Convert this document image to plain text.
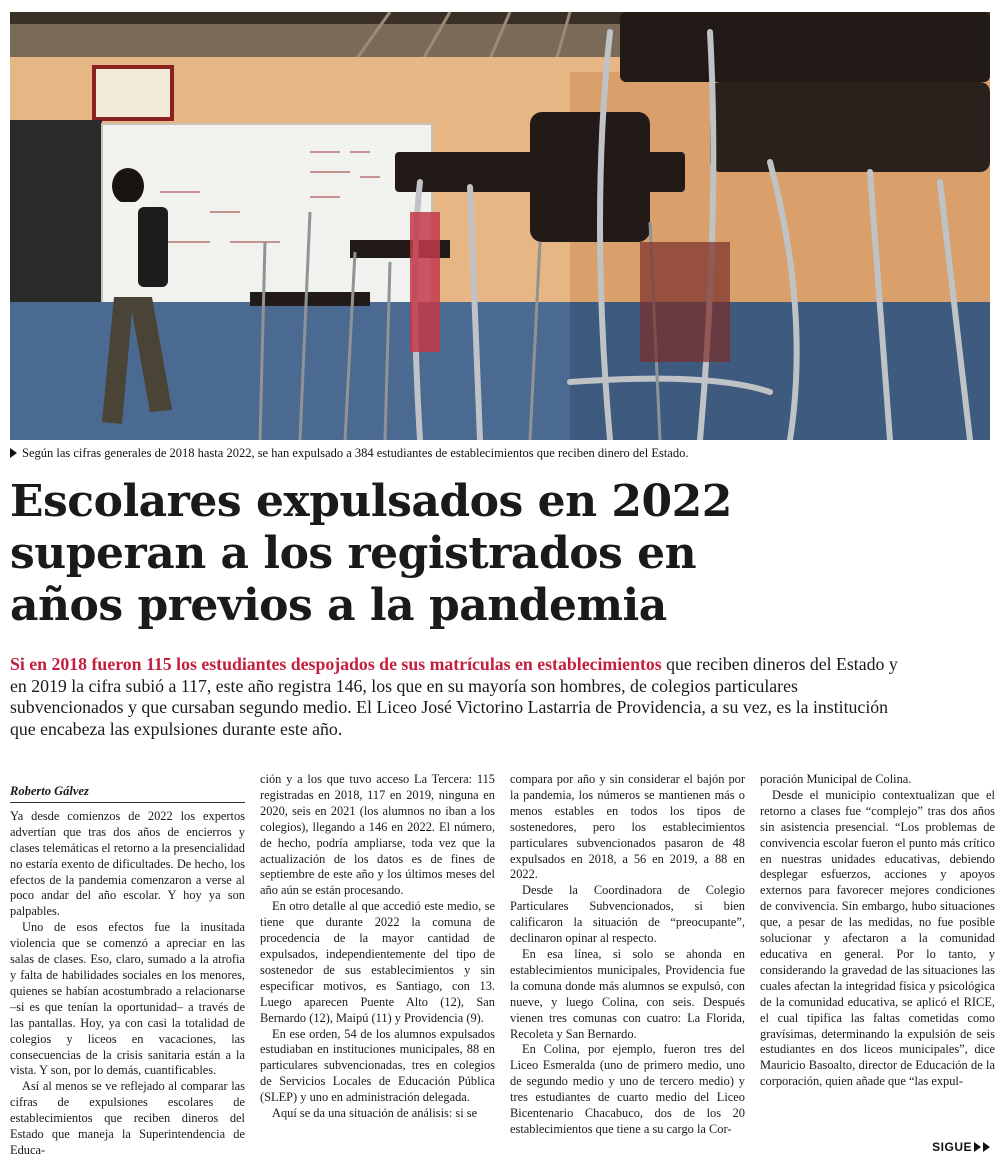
Según las cifras generales de 2018 hasta 2022, se han expulsado a 384 estudiantes de establecimientos que reciben dinero del Estado.
Escolares expulsados en 2022
superan a los registrados en
años previos a la pandemia
Si en 2018 fueron 115 los estudiantes despojados de sus matrículas en establecimientos que reciben dineros del Estado y en 2019 la cifra subió a 117, este año registra 146, los que en su mayoría son hombres, de colegios particulares subvencionados y que cursaban segundo medio. El Liceo José Victorino Lastarria de Providencia, a su vez, es la institución que encabeza las expulsiones durante este año.
Roberto Gálvez

Ya desde comienzos de 2022 los expertos advertían que tras dos años de encierros y clases telemáticas el retorno a la presencialidad no estaría exento de dificultades. De hecho, los efectos de la pandemia comenzaron a verse al poco andar del año escolar. Y hoy ya son palpables.

Uno de esos efectos fue la inusitada violencia que se comenzó a apreciar en las salas de clases. Eso, claro, sumado a la atrofia y falta de habilidades sociales en los menores, quienes se habían acostumbrado a relacionarse –si es que tenían la oportunidad– a través de las pantallas. Hoy, ya con casi la totalidad de colegios y liceos en vacaciones, las consecuencias de la crisis sanitaria están a la vista. Y son, por lo demás, cuantificables.

Así al menos se ve reflejado al comparar las cifras de expulsiones escolares de establecimientos que reciben dineros del Estado que maneja la Superintendencia de Educa-

ción y a los que tuvo acceso La Tercera: 115 registradas en 2018, 117 en 2019, ninguna en 2020, seis en 2021 (los alumnos no iban a los colegios), llegando a 146 en 2022. El número, de hecho, podría ampliarse, toda vez que la actualización de los datos es de fines de septiembre de este año y los últimos meses del año aún se están procesando.

En otro detalle al que accedió este medio, se tiene que durante 2022 la comuna de procedencia de la mayor cantidad de expulsados, independientemente del tipo de sostenedor de sus establecimientos y sin especificar motivos, es Santiago, con 13. Luego aparecen Puente Alto (12), San Bernardo (12), Maipú (11) y Providencia (9).

En ese orden, 54 de los alumnos expulsados estudiaban en instituciones municipales, 88 en particulares subvencionadas, tres en colegios de Servicios Locales de Educación Pública (SLEP) y uno en administración delegada.

Aquí se da una situación de análisis: si se

compara por año y sin considerar el bajón por la pandemia, los números se mantienen más o menos estables en todos los tipos de sostenedores, pero los establecimientos particulares subvencionados pasaron de 48 expulsados en 2018, a 56 en 2019, a 88 en 2022.

Desde la Coordinadora de Colegio Particulares Subvencionados, si bien calificaron la situación de “preocupante”, declinaron opinar al respecto.

En esa línea, si solo se ahonda en establecimientos municipales, Providencia fue la comuna donde más alumnos se expulsó, con nueve, y luego Colina, con seis. Después vienen tres comunas con cuatro: La Florida, Recoleta y San Bernardo.

En Colina, por ejemplo, fueron tres del Liceo Esmeralda (uno de primero medio, uno de segundo medio y uno de tercero medio) y tres estudiantes de cuarto medio del Liceo Bicentenario Chacabuco, dos de los 20 establecimientos que tiene a su cargo la Cor-

poración Municipal de Colina.

Desde el municipio contextualizan que el retorno a clases fue “complejo” tras dos años sin asistencia presencial. “Los problemas de convivencia escolar fueron el punto más crítico en nuestras unidades educativas, debiendo desplegar esfuerzos, acciones y apoyos externos para favorecer mejores condiciones de convivencia. Sin embargo, hubo situaciones que, a pesar de las medidas, no fue posible solucionar y afectaron a la comunidad educativa en general. Por lo tanto, y considerando la gravedad de las situaciones las cuales afectan la integridad física y psicológica de la comunidad educativa, se aplicó el RICE, el cual tipifica las faltas cometidas como gravísimas, determinando la expulsión de seis estudiantes en dos liceos municipales”, dice Mauricio Basoalto, director de Educación de la corporación, quien añade que “las expul-

SIGUE
